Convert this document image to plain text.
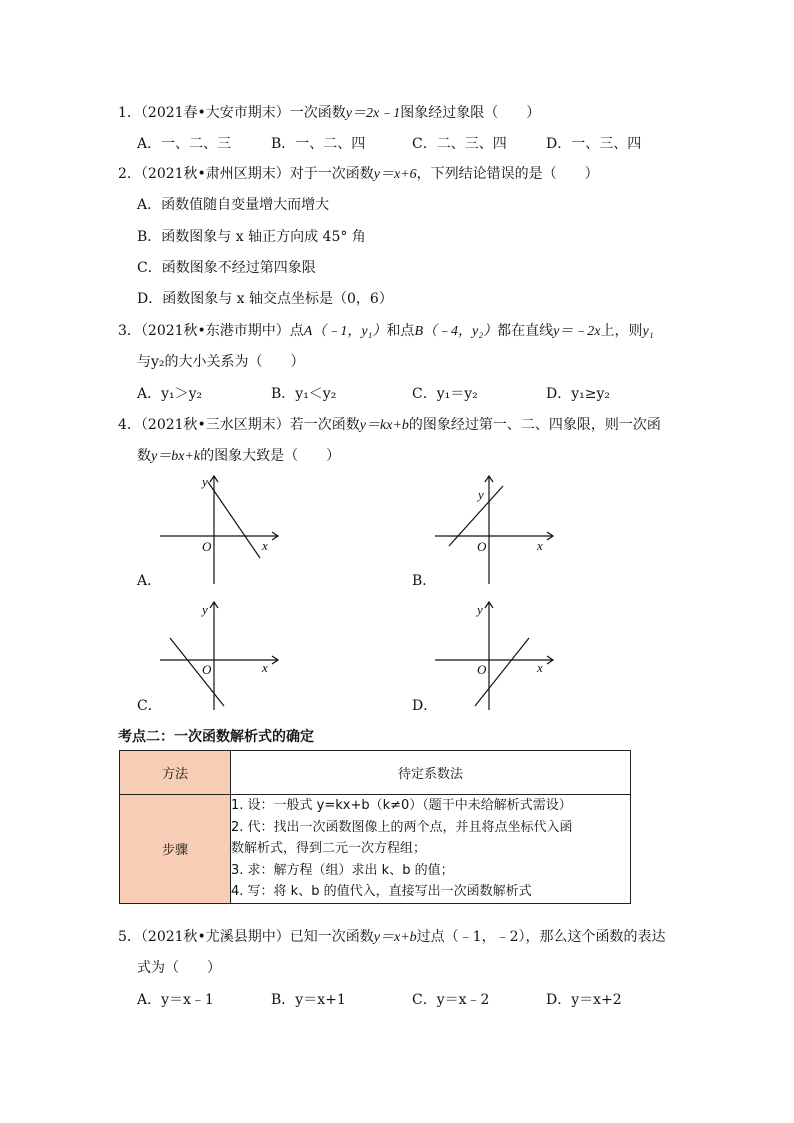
1．（2021春•大安市期末）一次函数y＝2x﹣1图象经过象限（　　）
A．一、二、三	B．一、二、四	C．二、三、四	D．一、三、四
2．（2021秋•肃州区期末）对于一次函数y＝x+6，下列结论错误的是（　　）
A．函数值随自变量增大而增大
B．函数图象与 x 轴正方向成 45° 角
C．函数图象不经过第四象限
D．函数图象与 x 轴交点坐标是（0，6）
3．（2021秋•东港市期中）点A（﹣1，y₁）和点B（﹣4，y₂）都在直线y＝﹣2x上，则y₁
与y₂的大小关系为（　　）
A．y₁＞y₂	B．y₁＜y₂	C．y₁＝y₂	D．y₁≥y₂
4．（2021秋•三水区期末）若一次函数y＝kx+b的图象经过第一、二、四象限，则一次函
数y＝bx+k的图象大致是（　　）
y
x
O
A．
y
x
O
B．
y
x
O
C．
y
x
O
D．
考点二：一次函数解析式的确定
方法	待定系数法
步骤	1. 设：一般式 y=kx+b（k≠0）（题干中未给解析式需设）
2. 代：找出一次函数图像上的两个点，并且将点坐标代入函
数解析式，得到二元一次方程组；
3. 求：解方程（组）求出 k、b 的值；
4. 写：将 k、b 的值代入，直接写出一次函数解析式
5．（2021秋•尤溪县期中）已知一次函数y＝x+b过点（﹣1，﹣2），那么这个函数的表达
式为（　　）
A．y＝x﹣1	B．y＝x+1	C．y＝x﹣2	D．y＝x+2
